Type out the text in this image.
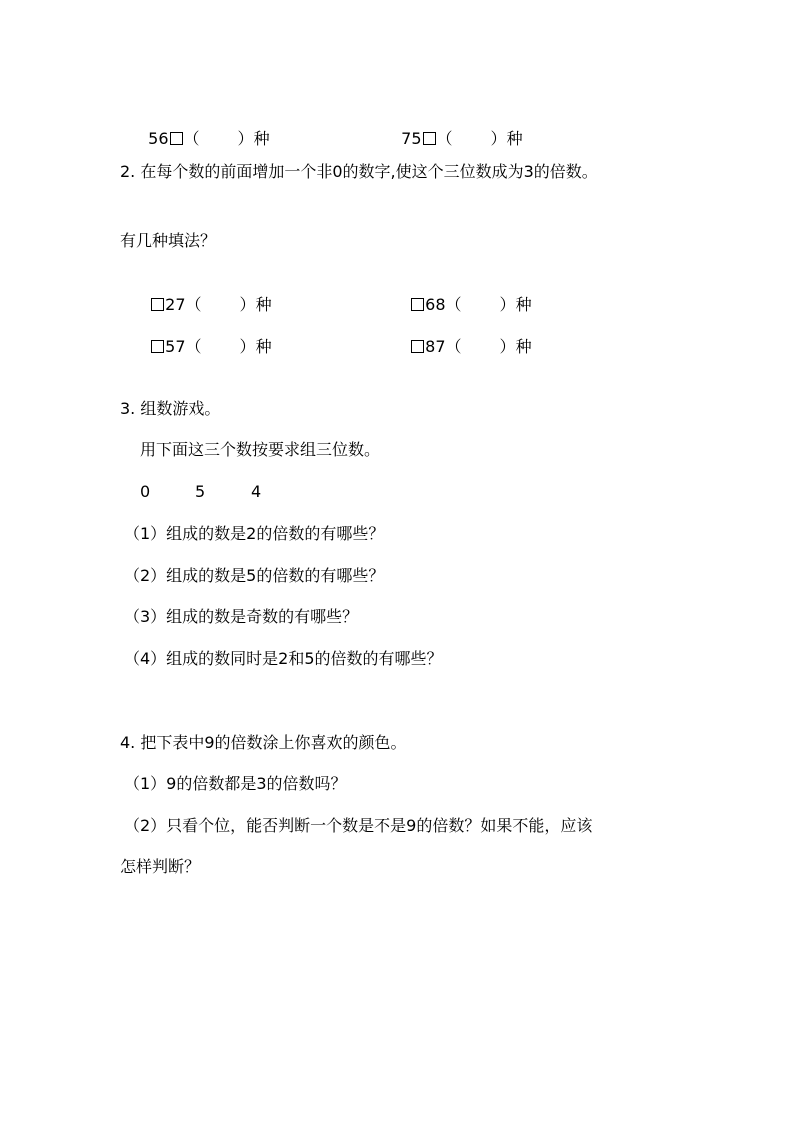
56 （ ）种	75 （ ）种

2. 在每个数的前面增加一个非0的数字,使这个三位数成为3的倍数。
有几种填法？

27（ ）种	68（ ）种

57（ ）种	87（ ）种

3. 组数游戏。
用下面这三个数按要求组三位数。
0	5	4
（1）组成的数是2的倍数的有哪些？
（2）组成的数是5的倍数的有哪些？
（3）组成的数是奇数的有哪些？
（4）组成的数同时是2和5的倍数的有哪些？
4. 把下表中9的倍数涂上你喜欢的颜色。
（1）9的倍数都是3的倍数吗？
（2）只看个位，能否判断一个数是不是9的倍数？如果不能，应该
怎样判断？
